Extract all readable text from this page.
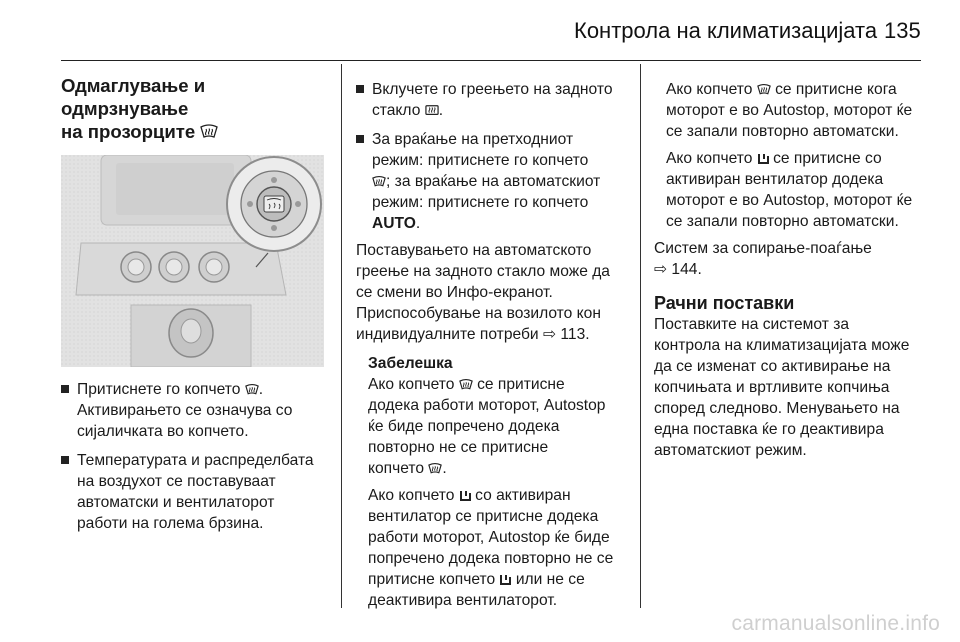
Контрола на климатизацијата 135
Одмаглување и одмрзнување
на прозорците

Притиснете го копчето .
Активирањето се означува со
сијаличката во копчето.

Температурата и распределбата
на воздухот се поставуваат
автоматски и вентилаторот
работи на голема брзина.

Вклучете го греењето на задното
стакло .

За враќање на претходниот
режим: притиснете го копчето
; за враќање на автоматскиот
режим: притиснете го копчето
AUTO.

Поставувањето на автоматското
греење на задното стакло може да
се смени во Инфо-екранот.
Приспособување на возилото кон
индивидуалните потреби ⇨ 113.

Забелешка

Ако копчето се притисне
додека работи моторот, Autostop
ќе биде попречено додека
повторно не се притисне
копчето .

Ако копчето со активиран
вентилатор се притисне додека
работи моторот, Autostop ќе биде
попречено додека повторно не се
притисне копчето или не се
деактивира вентилаторот.

Ако копчето се притисне кога
моторот е во Autostop, моторот ќе
се запали повторно автоматски.

Ако копчето се притисне со
активиран вентилатор додека
моторот е во Autostop, моторот ќе
се запали повторно автоматски.

Систем за сопирање-поаѓање
⇨ 144.

Рачни поставки

Поставките на системот за
контрола на климатизацијата може
да се изменат со активирање на
копчињата и вртливите копчиња
според следново. Менувањето на
една поставка ќе го деактивира
автоматскиот режим.

carmanualsonline.info
